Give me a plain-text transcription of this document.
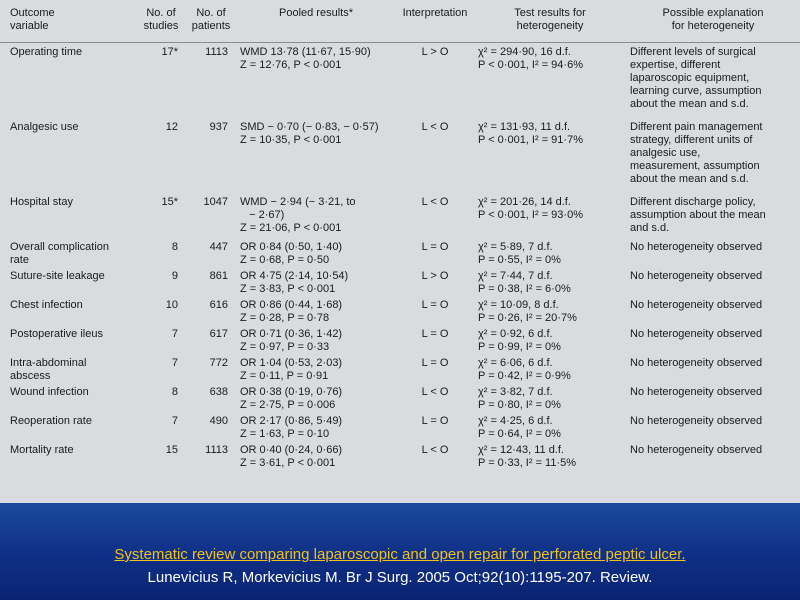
Outcome
variable	No. of
studies	No. of
patients	Pooled results*	Interpretation	Test results for
heterogeneity	Possible explanation
for heterogeneity

Operating time	17*	1113	WMD 13·78 (11·67, 15·90)
Z = 12·76, P < 0·001	L > O	χ² = 294·90, 16 d.f.
P < 0·001, I² = 94·6%	Different levels of surgical
expertise, different
laparoscopic equipment,
learning curve, assumption
about the mean and s.d.

Analgesic use	12	937	SMD − 0·70 (− 0·83, − 0·57)
Z = 10·35, P < 0·001	L < O	χ² = 131·93, 11 d.f.
P < 0·001, I² = 91·7%	Different pain management
strategy, different units of
analgesic use,
measurement, assumption
about the mean and s.d.

Hospital stay	15*	1047	WMD − 2·94 (− 3·21, to
− 2·67)
Z = 21·06, P < 0·001	L < O	χ² = 201·26, 14 d.f.
P < 0·001, I² = 93·0%	Different discharge policy,
assumption about the mean
and s.d.

Overall complication
rate	8	447	OR 0·84 (0·50, 1·40)
Z = 0·68, P = 0·50	L = O	χ² = 5·89, 7 d.f.
P = 0·55, I² = 0%	No heterogeneity observed

Suture-site leakage	9	861	OR 4·75 (2·14, 10·54)
Z = 3·83, P < 0·001	L > O	χ² = 7·44, 7 d.f.
P = 0·38, I² = 6·0%	No heterogeneity observed

Chest infection	10	616	OR 0·86 (0·44, 1·68)
Z = 0·28, P = 0·78	L = O	χ² = 10·09, 8 d.f.
P = 0·26, I² = 20·7%	No heterogeneity observed

Postoperative ileus	7	617	OR 0·71 (0·36, 1·42)
Z = 0·97, P = 0·33	L = O	χ² = 0·92, 6 d.f.
P = 0·99, I² = 0%	No heterogeneity observed

Intra-abdominal
abscess	7	772	OR 1·04 (0·53, 2·03)
Z = 0·11, P = 0·91	L = O	χ² = 6·06, 6 d.f.
P = 0·42, I² = 0·9%	No heterogeneity observed

Wound infection	8	638	OR 0·38 (0·19, 0·76)
Z = 2·75, P = 0·006	L < O	χ² = 3·82, 7 d.f.
P = 0·80, I² = 0%	No heterogeneity observed

Reoperation rate	7	490	OR 2·17 (0·86, 5·49)
Z = 1·63, P = 0·10	L = O	χ² = 4·25, 6 d.f.
P = 0·64, I² = 0%	No heterogeneity observed

Mortality rate	15	1113	OR 0·40 (0·24, 0·66)
Z = 3·61, P < 0·001	L < O	χ² = 12·43, 11 d.f.
P = 0·33, I² = 11·5%	No heterogeneity observed
Systematic review comparing laparoscopic and open repair for perforated peptic ulcer.
Lunevicius R, Morkevicius M. Br J Surg. 2005 Oct;92(10):1195-207. Review.
